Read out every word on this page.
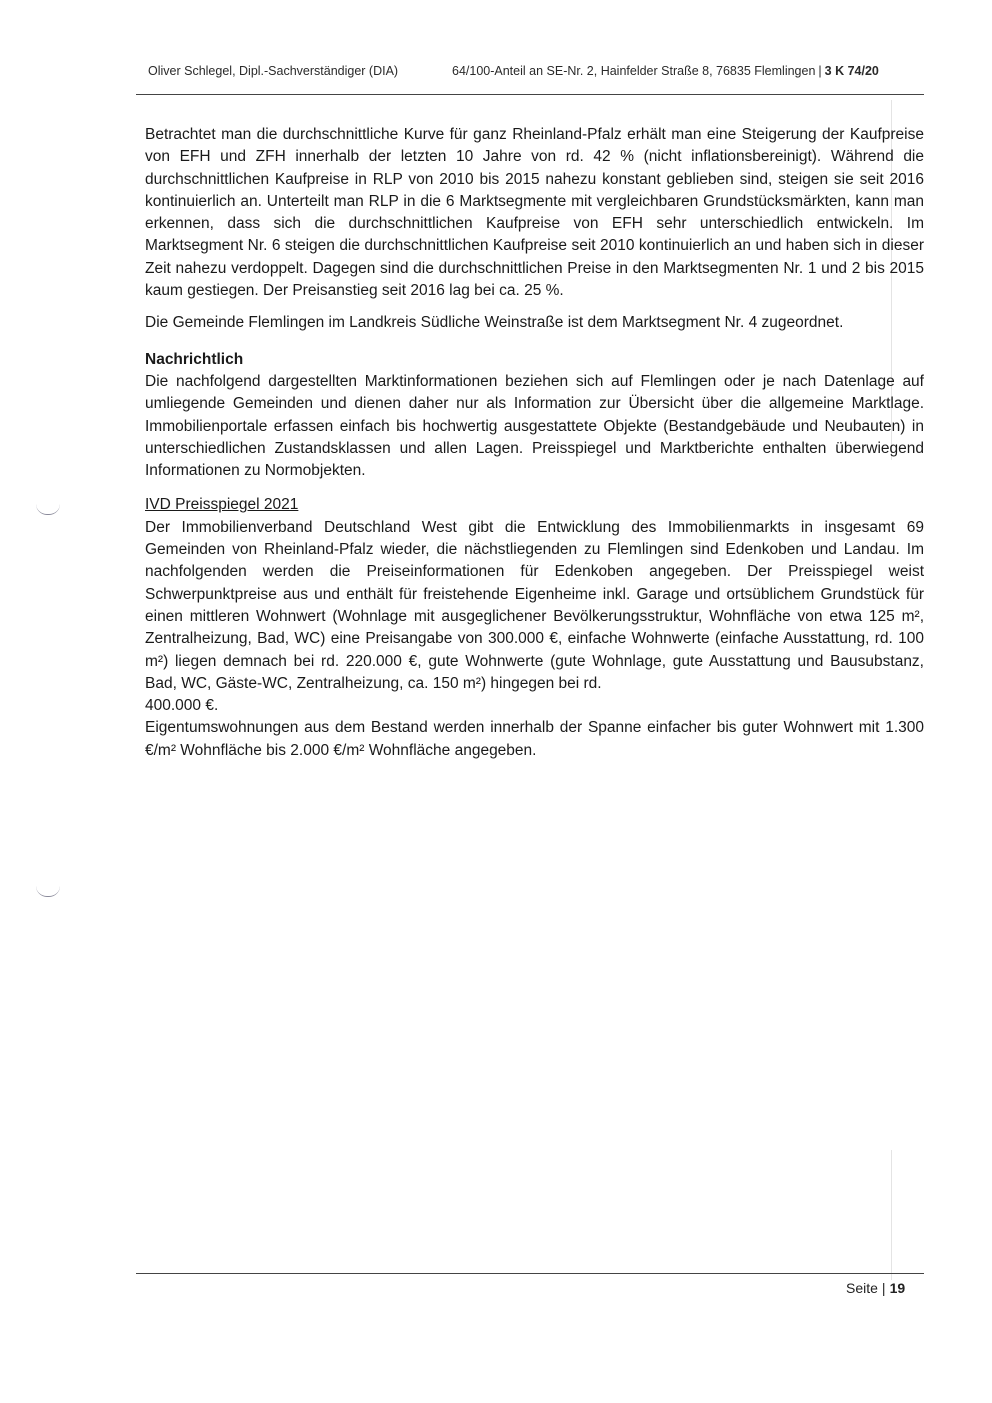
Oliver Schlegel, Dipl.-Sachverständiger (DIA)	64/100-Anteil an SE-Nr. 2, Hainfelder Straße 8, 76835 Flemlingen | 3 K 74/20

Betrachtet man die durchschnittliche Kurve für ganz Rheinland-Pfalz erhält man eine Steigerung der Kaufpreise von EFH und ZFH innerhalb der letzten 10 Jahre von rd. 42 % (nicht inflationsbereinigt). Während die durchschnittlichen Kaufpreise in RLP von 2010 bis 2015 nahezu konstant geblieben sind, steigen sie seit 2016 kontinuierlich an. Unterteilt man RLP in die 6 Marktsegmente mit vergleichbaren Grundstücksmärkten, kann man erkennen, dass sich die durchschnittlichen Kaufpreise von EFH sehr unterschiedlich entwickeln. Im Marktsegment Nr. 6 steigen die durchschnittlichen Kaufpreise seit 2010 kontinuierlich an und haben sich in dieser Zeit nahezu verdoppelt. Dagegen sind die durchschnittlichen Preise in den Marktsegmenten Nr. 1 und 2 bis 2015 kaum gestiegen. Der Preisanstieg seit 2016 lag bei ca. 25 %.

Die Gemeinde Flemlingen im Landkreis Südliche Weinstraße ist dem Marktsegment Nr. 4 zugeordnet.

Nachrichtlich

Die nachfolgend dargestellten Marktinformationen beziehen sich auf Flemlingen oder je nach Datenlage auf umliegende Gemeinden und dienen daher nur als Information zur Übersicht über die allgemeine Marktlage. Immobilienportale erfassen einfach bis hochwertig ausgestattete Objekte (Bestandgebäude und Neubauten) in unterschiedlichen Zustandsklassen und allen Lagen. Preisspiegel und Marktberichte enthalten überwiegend Informationen zu Normobjekten.

IVD Preisspiegel 2021

Der Immobilienverband Deutschland West gibt die Entwicklung des Immobilienmarkts in insgesamt 69 Gemeinden von Rheinland-Pfalz wieder, die nächstliegenden zu Flemlingen sind Edenkoben und Landau. Im nachfolgenden werden die Preiseinformationen für Edenkoben angegeben. Der Preisspiegel weist Schwerpunktpreise aus und enthält für freistehende Eigenheime inkl. Garage und ortsüblichem Grundstück für einen mittleren Wohnwert (Wohnlage mit ausgeglichener Bevölkerungsstruktur, Wohnfläche von etwa 125 m², Zentralheizung, Bad, WC) eine Preisangabe von 300.000 €, einfache Wohnwerte (einfache Ausstattung, rd. 100 m²) liegen demnach bei rd. 220.000 €, gute Wohnwerte (gute Wohnlage, gute Ausstattung und Bausubstanz, Bad, WC, Gäste-WC, Zentralheizung, ca. 150 m²) hingegen bei rd.

400.000 €.

Eigentumswohnungen aus dem Bestand werden innerhalb der Spanne einfacher bis guter Wohnwert mit 1.300 €/m² Wohnfläche bis 2.000 €/m² Wohnfläche angegeben.

Seite | 19
